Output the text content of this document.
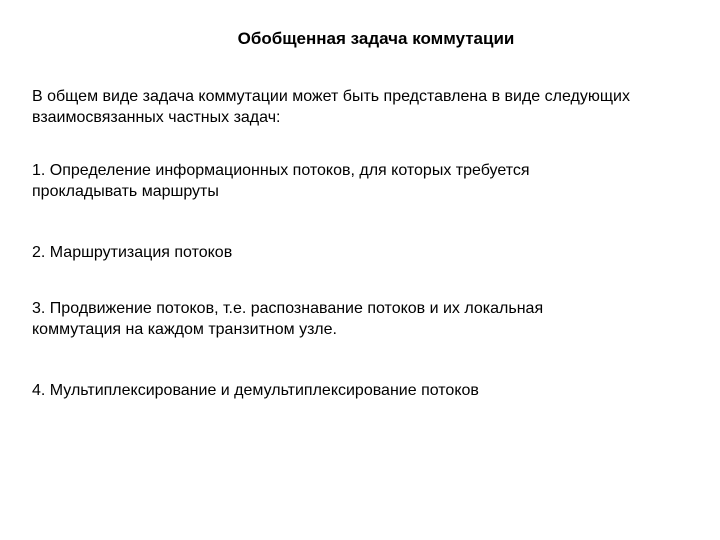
Обобщенная задача коммутации

В общем виде задача коммутации может быть представлена в виде следующих взаимосвязанных частных задач:

1. Определение информационных потоков, для которых требуется прокладывать маршруты

2. Маршрутизация потоков

3. Продвижение потоков, т.е. распознавание потоков и их локальная коммутация на каждом транзитном узле.

4. Мультиплексирование и демультиплексирование потоков
